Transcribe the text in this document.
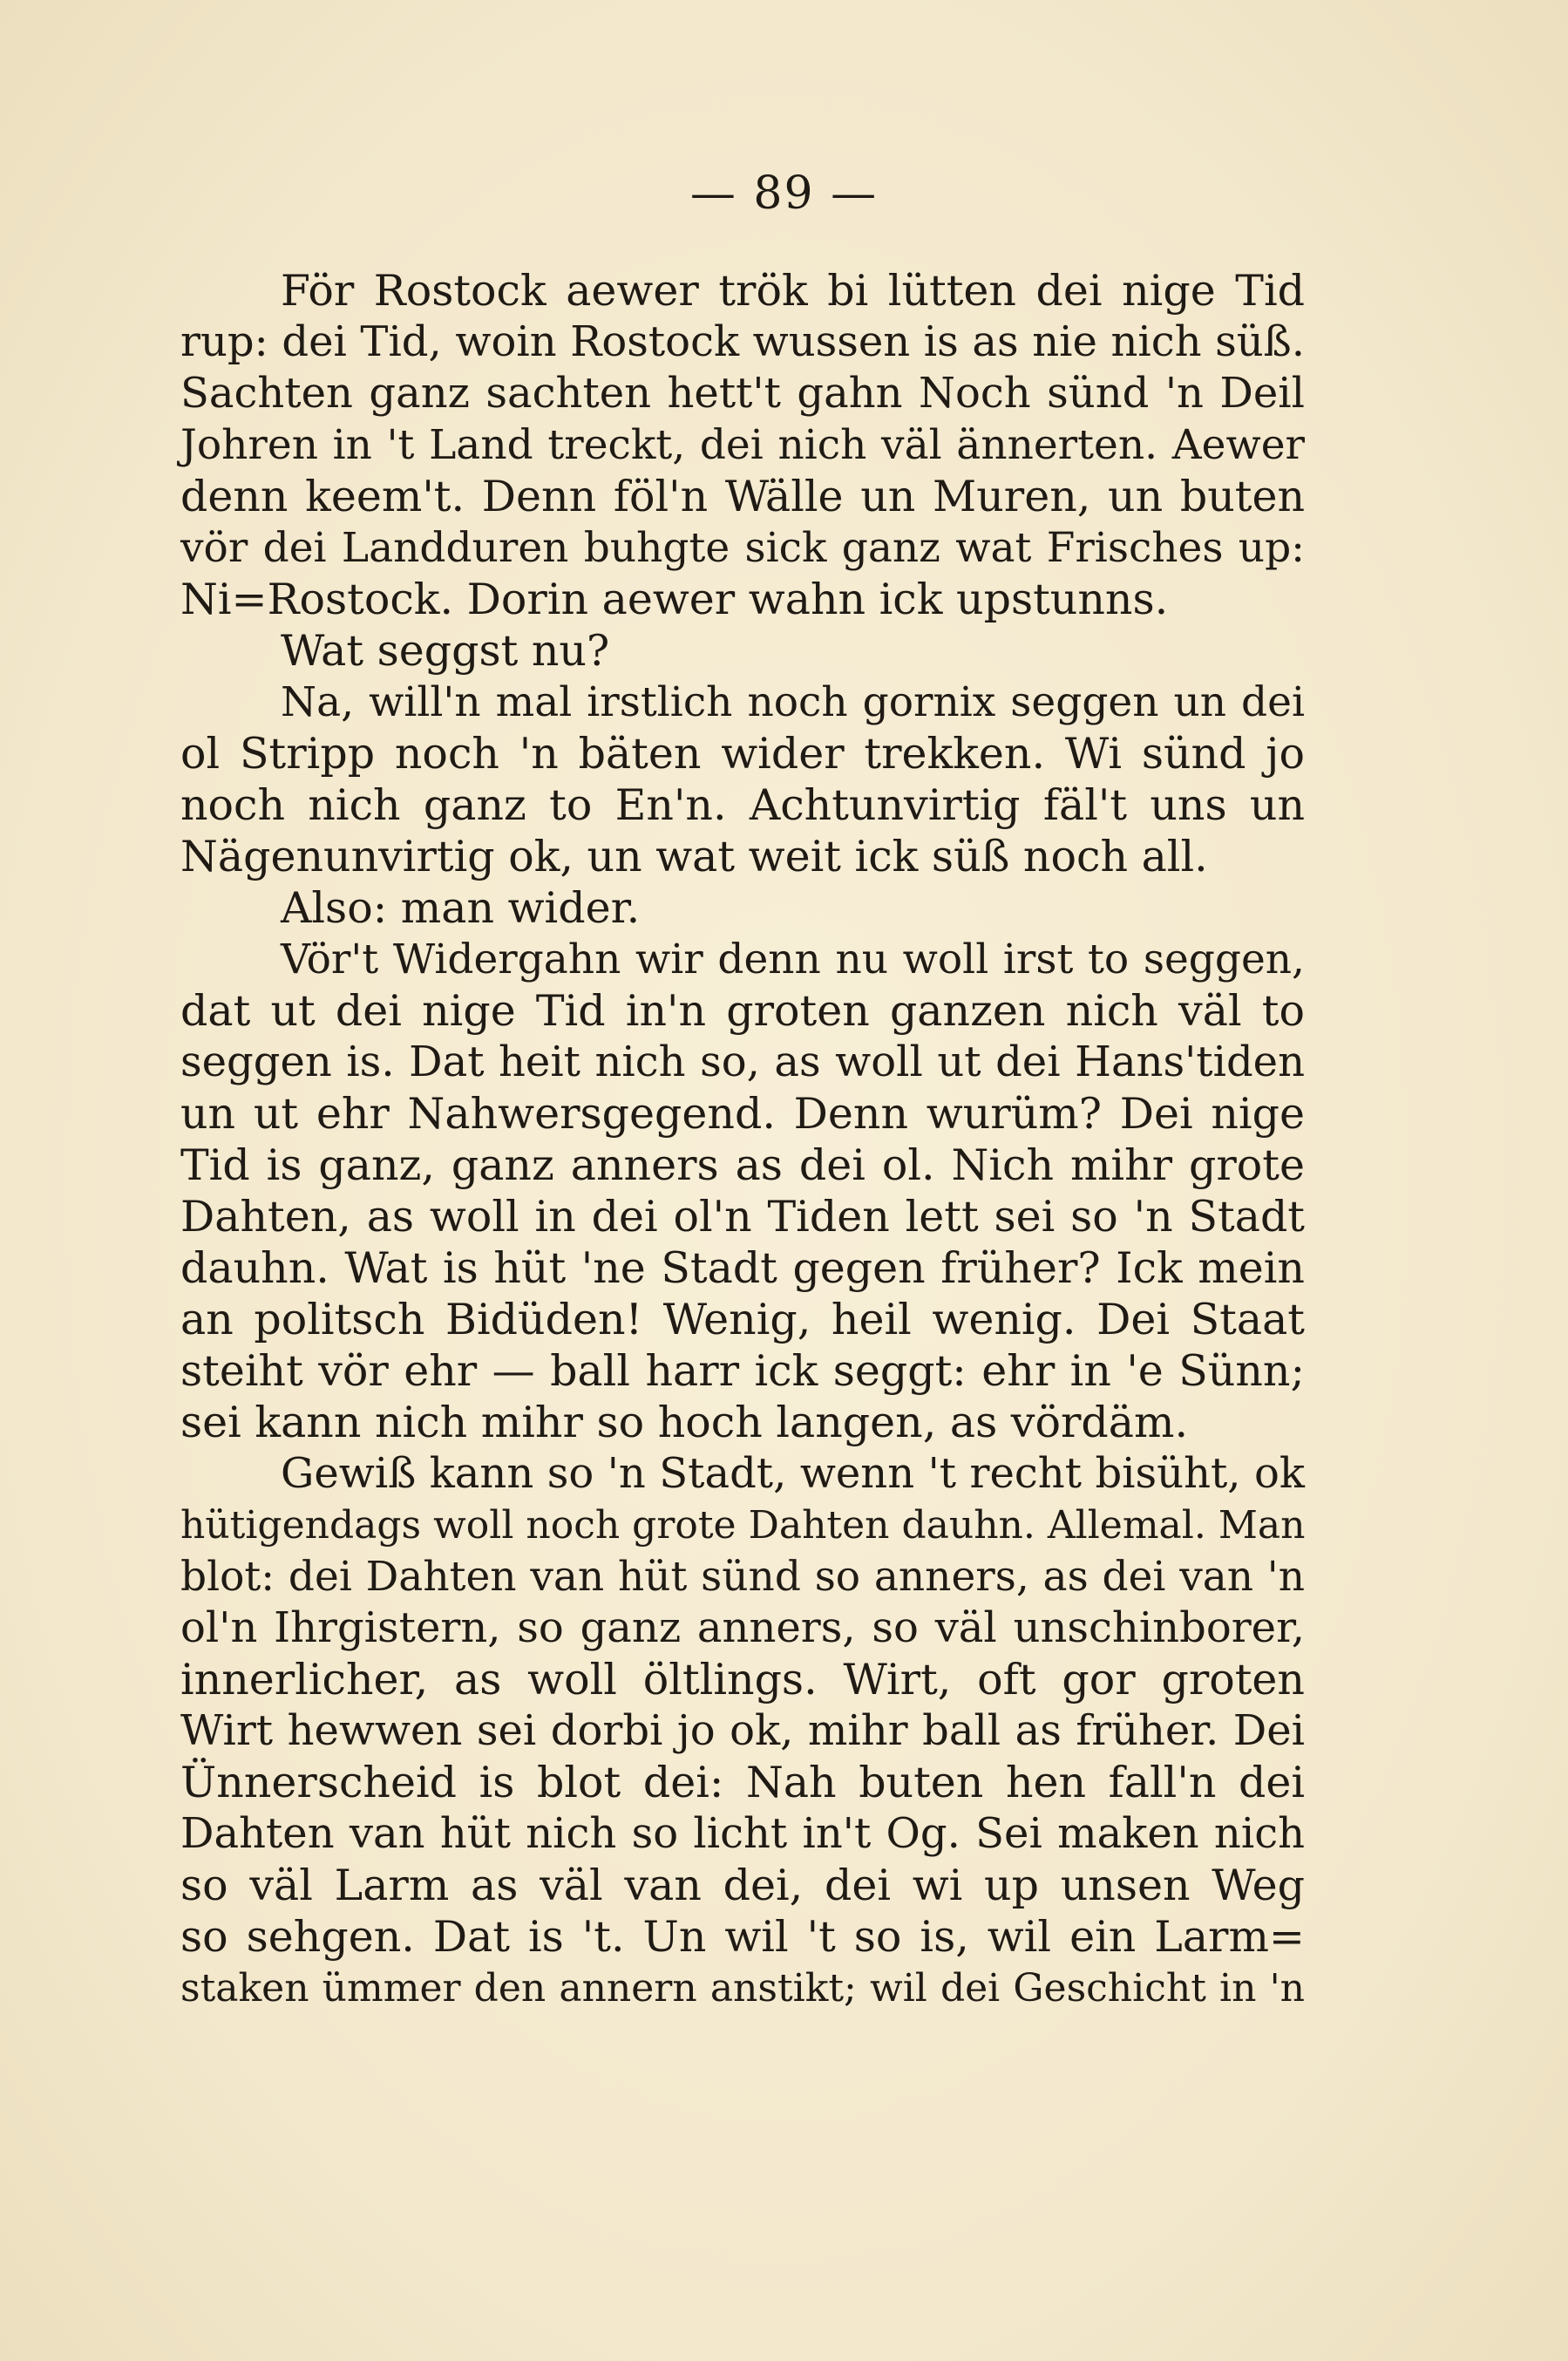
— 89 —
För Rostock aewer trök bi lütten dei nige Tid
rup: dei Tid, woin Rostock wussen is as nie nich süß.
Sachten ganz sachten hett't gahn Noch sünd 'n Deil
Johren in 't Land treckt, dei nich väl ännerten. Aewer
denn keem't. Denn föl'n Wälle un Muren, un buten
vör dei Landduren buhgte sick ganz wat Frisches up:
Ni=Rostock. Dorin aewer wahn ick upstunns.
Wat seggst nu?
Na, will'n mal irstlich noch gornix seggen un dei
ol Stripp noch 'n bäten wider trekken. Wi sünd jo
noch nich ganz to En'n. Achtunvirtig fäl't uns un
Nägenunvirtig ok, un wat weit ick süß noch all.
Also: man wider.
Vör't Widergahn wir denn nu woll irst to seggen,
dat ut dei nige Tid in'n groten ganzen nich väl to
seggen is. Dat heit nich so, as woll ut dei Hans'tiden
un ut ehr Nahwersgegend. Denn wurüm? Dei nige
Tid is ganz, ganz anners as dei ol. Nich mihr grote
Dahten, as woll in dei ol'n Tiden lett sei so 'n Stadt
dauhn. Wat is hüt 'ne Stadt gegen früher? Ick mein
an politsch Bidüden! Wenig, heil wenig. Dei Staat
steiht vör ehr — ball harr ick seggt: ehr in 'e Sünn;
sei kann nich mihr so hoch langen, as vördäm.
Gewiß kann so 'n Stadt, wenn 't recht bisüht, ok
hütigendags woll noch grote Dahten dauhn. Allemal. Man
blot: dei Dahten van hüt sünd so anners, as dei van 'n
ol'n Ihrgistern, so ganz anners, so väl unschinborer,
innerlicher, as woll öltlings. Wirt, oft gor groten
Wirt hewwen sei dorbi jo ok, mihr ball as früher. Dei
Ünnerscheid is blot dei: Nah buten hen fall'n dei
Dahten van hüt nich so licht in't Og. Sei maken nich
so väl Larm as väl van dei, dei wi up unsen Weg
so sehgen. Dat is 't. Un wil 't so is, wil ein Larm=
staken ümmer den annern anstikt; wil dei Geschicht in 'n
